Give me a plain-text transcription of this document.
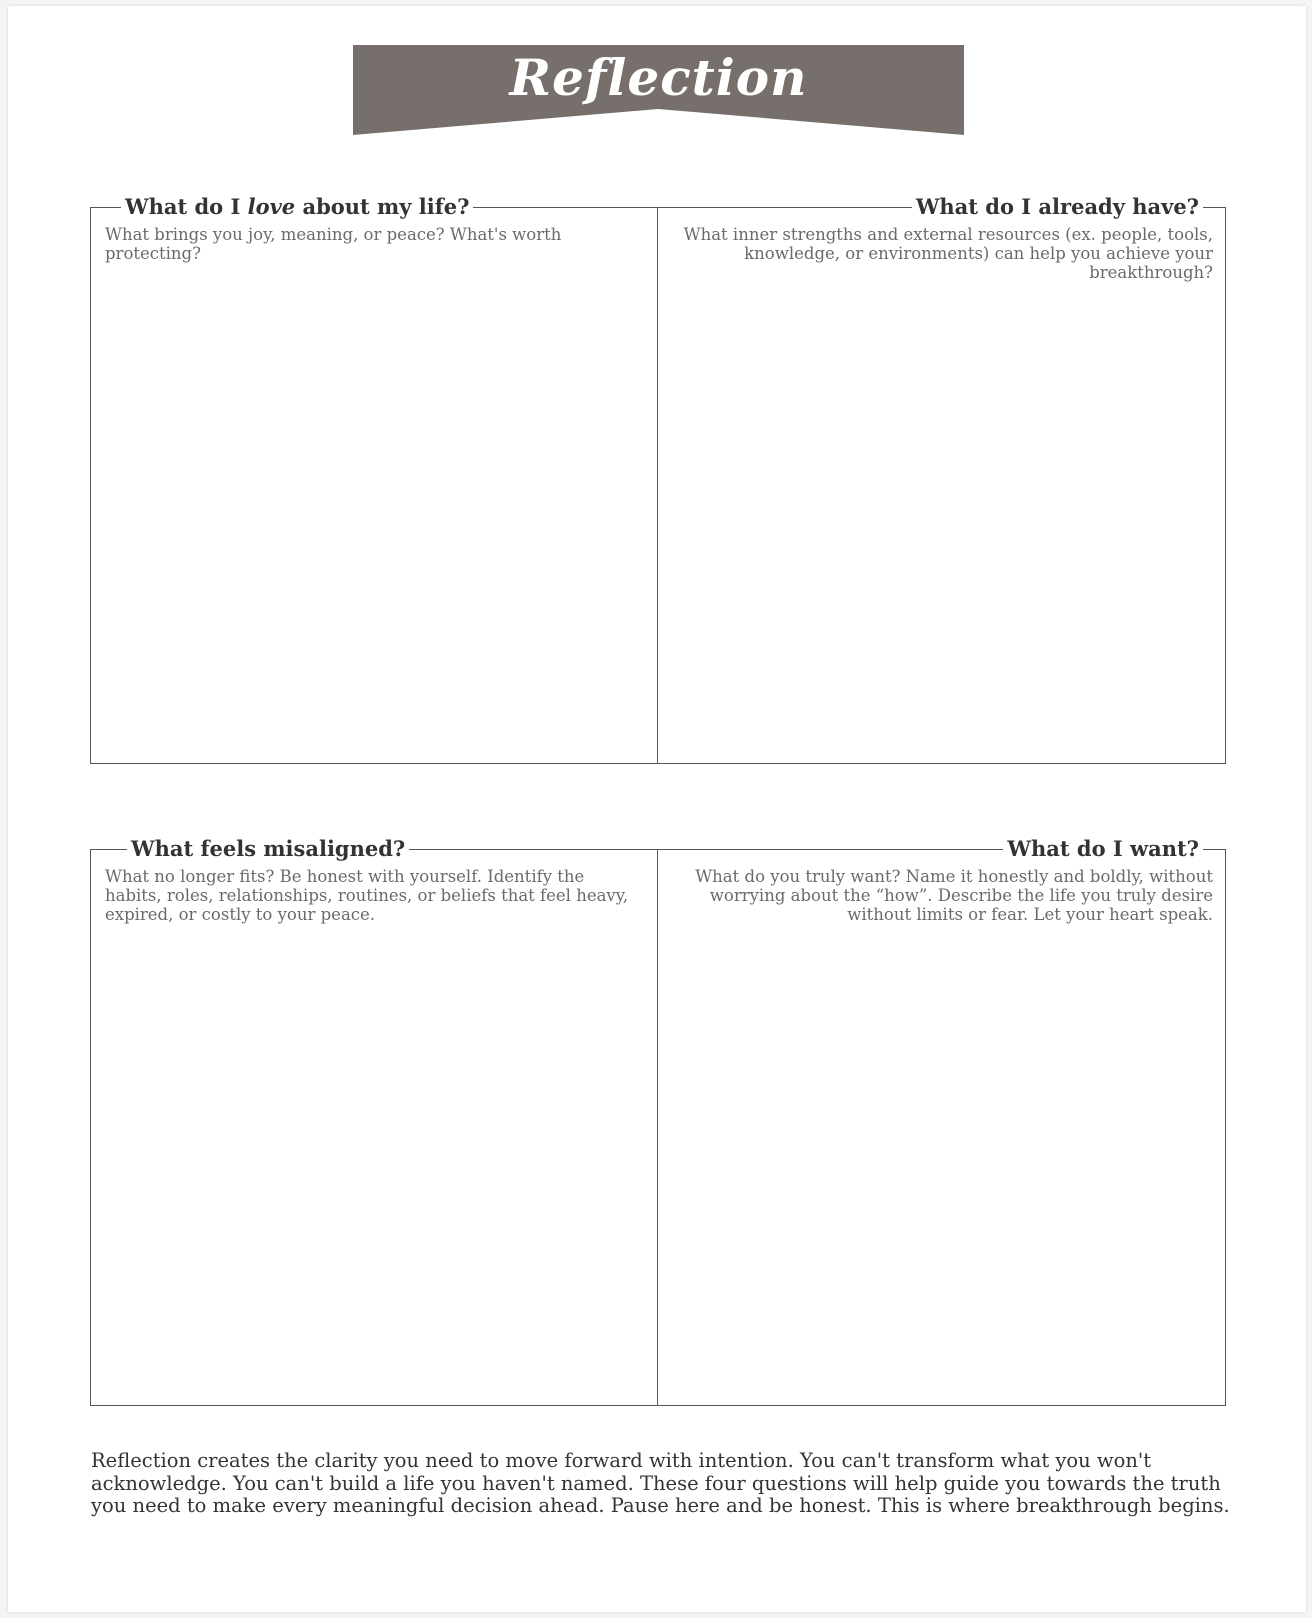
Reflection
What do I love about my life?
What brings you joy, meaning, or peace? What's worth protecting?
What do I already have?
What inner strengths and external resources (ex. people, tools, knowledge, or environments) can help you achieve your breakthrough?
What feels misaligned?
What no longer fits? Be honest with yourself. Identify the habits, roles, relationships, routines, or beliefs that feel heavy, expired, or costly to your peace.
What do I want?
What do you truly want? Name it honestly and boldly, without worrying about the “how”. Describe the life you truly desire without limits or fear. Let your heart speak.
Reflection creates the clarity you need to move forward with intention. You can't transform what you won't acknowledge. You can't build a life you haven't named. These four questions will help guide you towards the truth you need to make every meaningful decision ahead. Pause here and be honest. This is where breakthrough begins.
